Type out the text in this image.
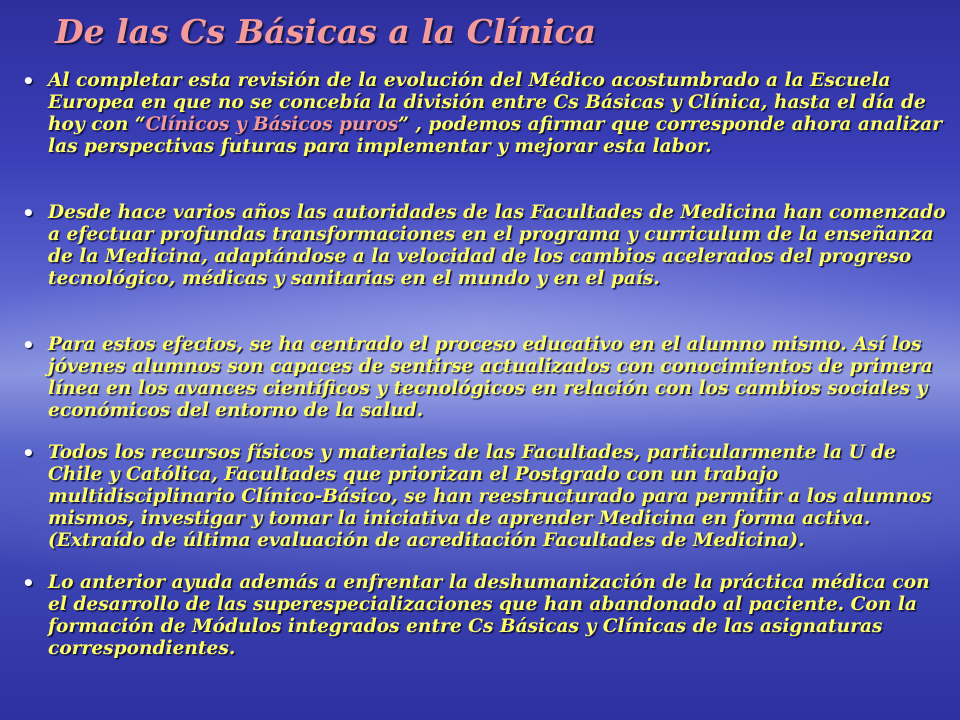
De las Cs Básicas a la Clínica
• Al completar esta revisión de la evolución del Médico acostumbrado a la Escuela Europea en que no se concebía la división entre Cs Básicas y Clínica, hasta el día de hoy con “Clínicos y Básicos puros” , podemos afirmar que corresponde ahora analizar las perspectivas futuras para implementar y mejorar esta labor.
• Desde hace varios años las autoridades de las Facultades de Medicina han comenzado a efectuar profundas transformaciones en el programa y curriculum de la enseñanza de la Medicina, adaptándose a la velocidad de los cambios acelerados del progreso tecnológico, médicas y sanitarias en el mundo y en el país.
• Para estos efectos, se ha centrado el proceso educativo en el alumno mismo. Así los jóvenes alumnos son capaces de sentirse actualizados con conocimientos de primera línea en los avances científicos y tecnológicos en relación con los cambios sociales y económicos del entorno de la salud.
• Todos los recursos físicos y materiales de las Facultades, particularmente la U de Chile y Católica, Facultades que priorizan el Postgrado con un trabajo multidisciplinario Clínico-Básico, se han reestructurado para permitir a los alumnos mismos, investigar y tomar la iniciativa de aprender Medicina en forma activa.(Extraído de última evaluación de acreditación Facultades de Medicina).
• Lo anterior ayuda además a enfrentar la deshumanización de la práctica médica con el desarrollo de las superespecializaciones que han abandonado al paciente. Con la formación de Módulos integrados entre Cs Básicas y Clínicas de las asignaturas correspondientes.
